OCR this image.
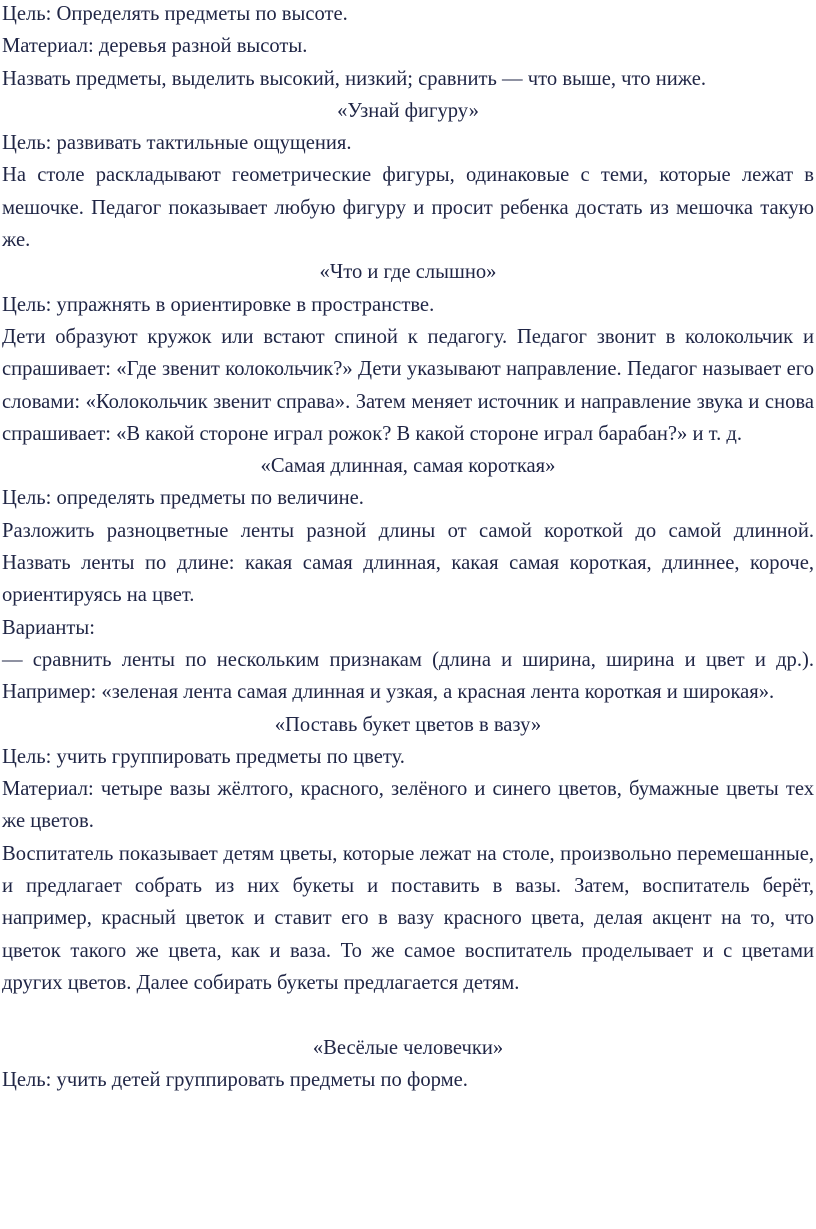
Цель: Определять предметы по высоте.

Материал: деревья разной высоты.

Назвать предметы, выделить высокий, низкий; сравнить — что выше, что ниже.

«Узнай фигуру»

Цель: развивать тактильные ощущения.

На столе раскладывают геометрические фигуры, одинаковые с теми, которые лежат в мешочке. Педагог показывает любую фигуру и просит ребенка достать из мешочка такую же.

«Что и где слышно»

Цель: упражнять в ориентировке в пространстве.

Дети образуют кружок или встают спиной к педагогу. Педагог звонит в колокольчик и спрашивает: «Где звенит колокольчик?» Дети указывают направление. Педагог называет его словами: «Колокольчик звенит справа». Затем меняет источник и направление звука и снова спрашивает: «В какой стороне играл рожок? В какой стороне играл барабан?» и т. д.

«Самая длинная, самая короткая»

Цель: определять предметы по величине.

Разложить разноцветные ленты разной длины от самой короткой до самой длинной. Назвать ленты по длине: какая самая длинная, какая самая короткая, длиннее, короче, ориентируясь на цвет.

Варианты:

— сравнить ленты по нескольким признакам (длина и ширина, ширина и цвет и др.). Например: «зеленая лента самая длинная и узкая, а красная лента короткая и широкая».

«Поставь букет цветов в вазу»

Цель: учить группировать предметы по цвету.

Материал: четыре вазы жёлтого, красного, зелёного и синего цветов, бумажные цветы тех же цветов.

Воспитатель показывает детям цветы, которые лежат на столе, произвольно перемешанные, и предлагает собрать из них букеты и поставить в вазы. Затем, воспитатель берёт, например, красный цветок и ставит его в вазу красного цвета, делая акцент на то, что цветок такого же цвета, как и ваза. То же самое воспитатель проделывает и с цветами других цветов. Далее собирать букеты предлагается детям.

«Весёлые человечки»

Цель: учить детей группировать предметы по форме.
